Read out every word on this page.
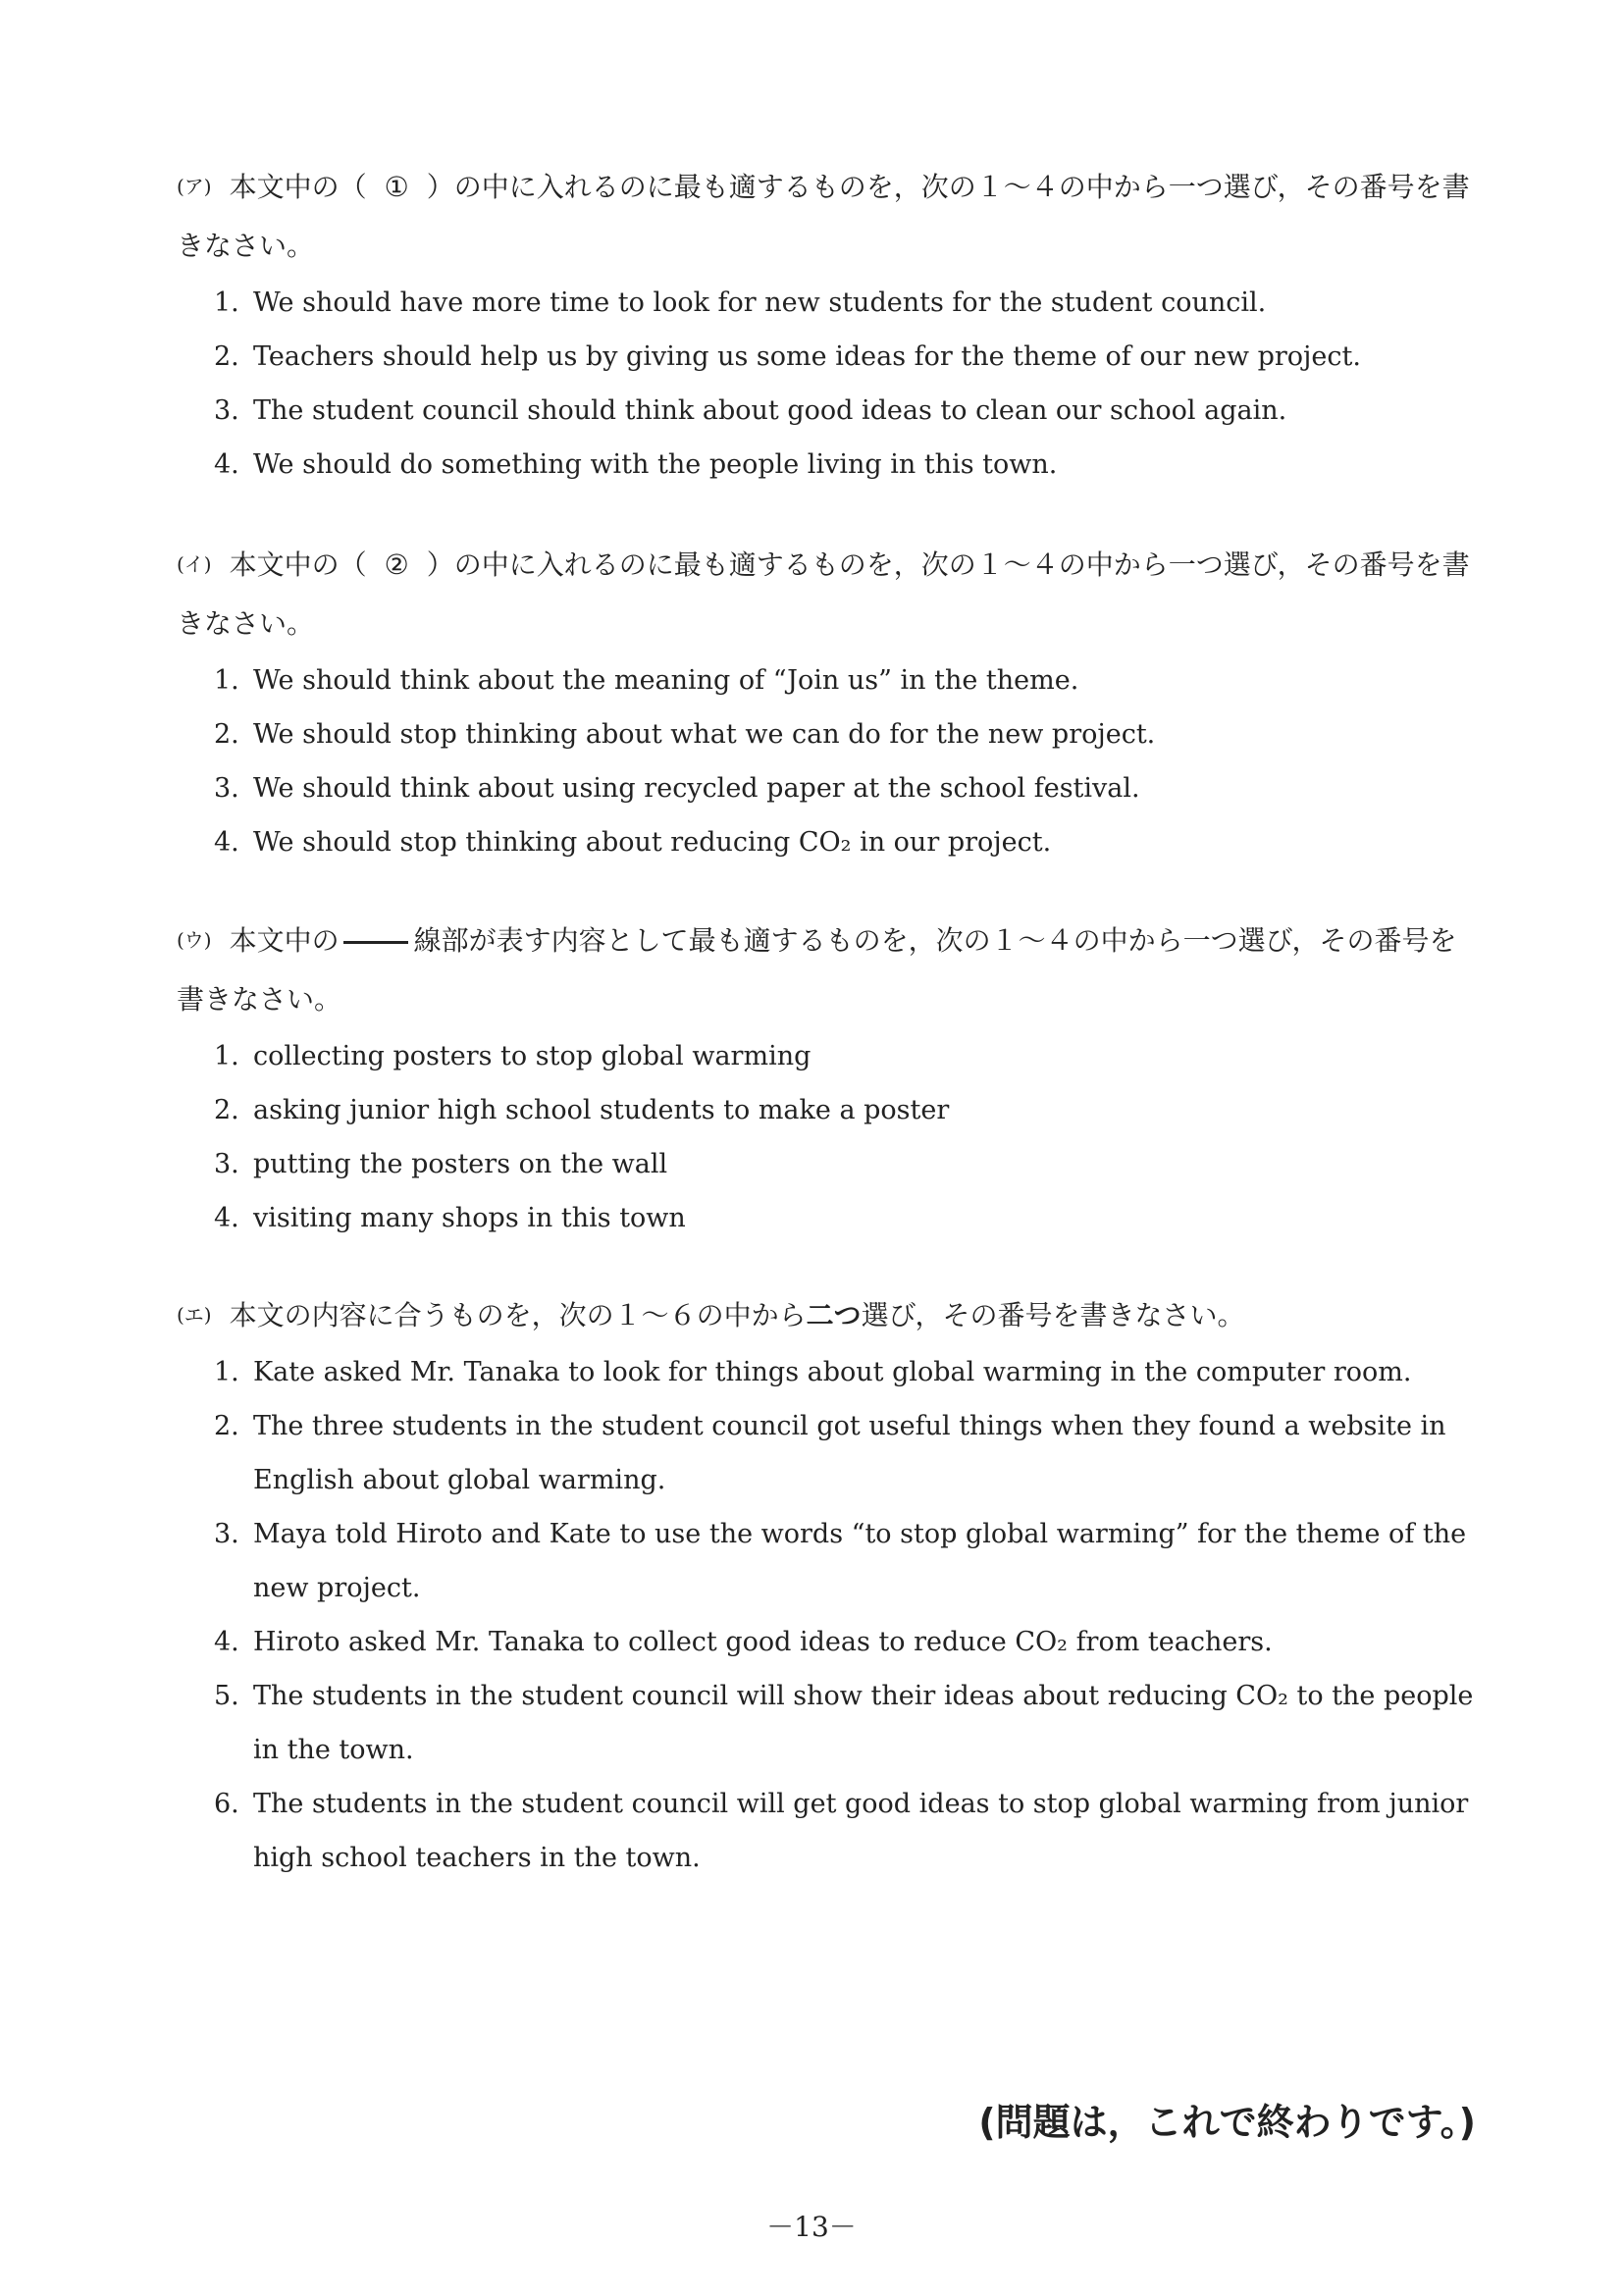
(ア) 本文中の（ ① ）の中に入れるのに最も適するものを，次の１～４の中から一つ選び，その番号を書きなさい。

1. We should have more time to look for new students for the student council.
2. Teachers should help us by giving us some ideas for the theme of our new project.
3. The student council should think about good ideas to clean our school again.
4. We should do something with the people living in this town.

(イ) 本文中の（ ② ）の中に入れるのに最も適するものを，次の１～４の中から一つ選び，その番号を書きなさい。

1. We should think about the meaning of “Join us” in the theme.
2. We should stop thinking about what we can do for the new project.
3. We should think about using recycled paper at the school festival.
4. We should stop thinking about reducing CO₂ in our project.

(ウ) 本文中の	線部が表す内容として最も適するものを，次の１～４の中から一つ選び，その番号を書きなさい。

1. collecting posters to stop global warming
2. asking junior high school students to make a poster
3. putting the posters on the wall
4. visiting many shops in this town

(エ) 本文の内容に合うものを，次の１～６の中から二つ選び，その番号を書きなさい。

1. Kate asked Mr. Tanaka to look for things about global warming in the computer room.
2. The three students in the student council got useful things when they found a website in English about global warming.
3. Maya told Hiroto and Kate to use the words “to stop global warming” for the theme of the new project.
4. Hiroto asked Mr. Tanaka to collect good ideas to reduce CO₂ from teachers.
5. The students in the student council will show their ideas about reducing CO₂ to the people in the town.
6. The students in the student council will get good ideas to stop global warming from junior high school teachers in the town.
(問題は，これで終わりです。)
－13－
